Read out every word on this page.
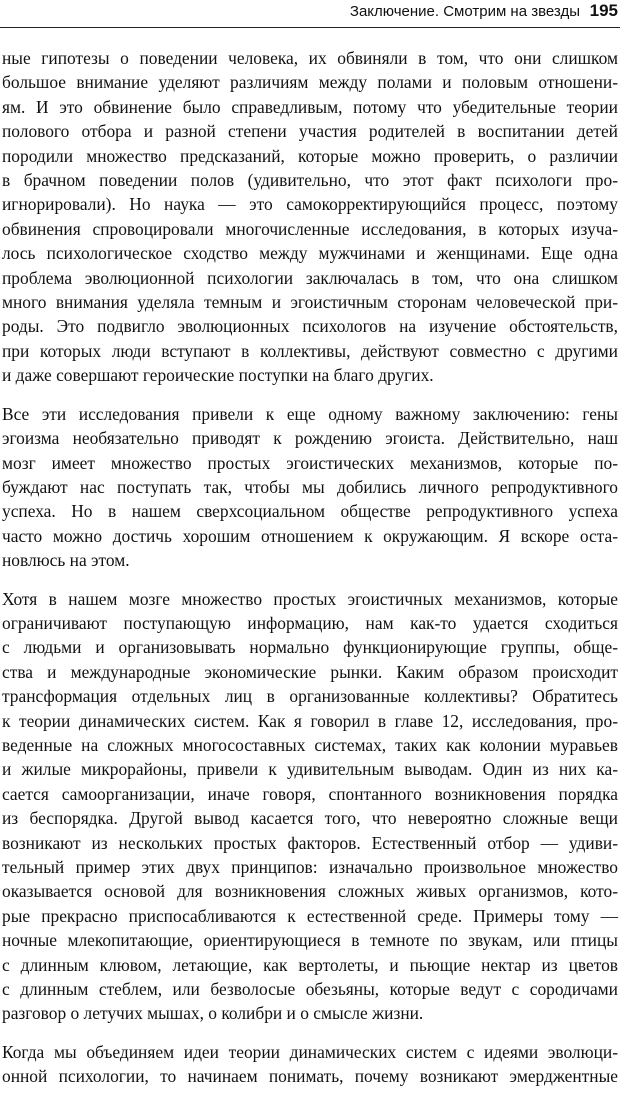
Заключение. Смотрим на звезды 195

ные гипотезы о поведении человека, их обвиняли в том, что они слишком
большое внимание уделяют различиям между полами и половым отношени-
ям. И это обвинение было справедливым, потому что убедительные теории
полового отбора и разной степени участия родителей в воспитании детей
породили множество предсказаний, которые можно проверить, о различии
в брачном поведении полов (удивительно, что этот факт психологи про-
игнорировали). Но наука — это самокорректирующийся процесс, поэтому
обвинения спровоцировали многочисленные исследования, в которых изуча-
лось психологическое сходство между мужчинами и женщинами. Еще одна
проблема эволюционной психологии заключалась в том, что она слишком
много внимания уделяла темным и эгоистичным сторонам человеческой при-
роды. Это подвигло эволюционных психологов на изучение обстоятельств,
при которых люди вступают в коллективы, действуют совместно с другими
и даже совершают героические поступки на благо других.

Все эти исследования привели к еще одному важному заключению: гены
эгоизма необязательно приводят к рождению эгоиста. Действительно, наш
мозг имеет множество простых эгоистических механизмов, которые по-
буждают нас поступать так, чтобы мы добились личного репродуктивного
успеха. Но в нашем сверхсоциальном обществе репродуктивного успеха
часто можно достичь хорошим отношением к окружающим. Я вскоре оста-
новлюсь на этом.

Хотя в нашем мозге множество простых эгоистичных механизмов, которые
ограничивают поступающую информацию, нам как-то удается сходиться
с людьми и организовывать нормально функционирующие группы, обще-
ства и международные экономические рынки. Каким образом происходит
трансформация отдельных лиц в организованные коллективы? Обратитесь
к теории динамических систем. Как я говорил в главе 12, исследования, про-
веденные на сложных многосоставных системах, таких как колонии муравьев
и жилые микрорайоны, привели к удивительным выводам. Один из них ка-
сается самоорганизации, иначе говоря, спонтанного возникновения порядка
из беспорядка. Другой вывод касается того, что невероятно сложные вещи
возникают из нескольких простых факторов. Естественный отбор — удиви-
тельный пример этих двух принципов: изначально произвольное множество
оказывается основой для возникновения сложных живых организмов, кото-
рые прекрасно приспосабливаются к естественной среде. Примеры тому —
ночные млекопитающие, ориентирующиеся в темноте по звукам, или птицы
с длинным клювом, летающие, как вертолеты, и пьющие нектар из цветов
с длинным стеблем, или безволосые обезьяны, которые ведут с сородичами
разговор о летучих мышах, о колибри и о смысле жизни.

Когда мы объединяем идеи теории динамических систем с идеями эволюци-
онной психологии, то начинаем понимать, почему возникают эмерджентные
